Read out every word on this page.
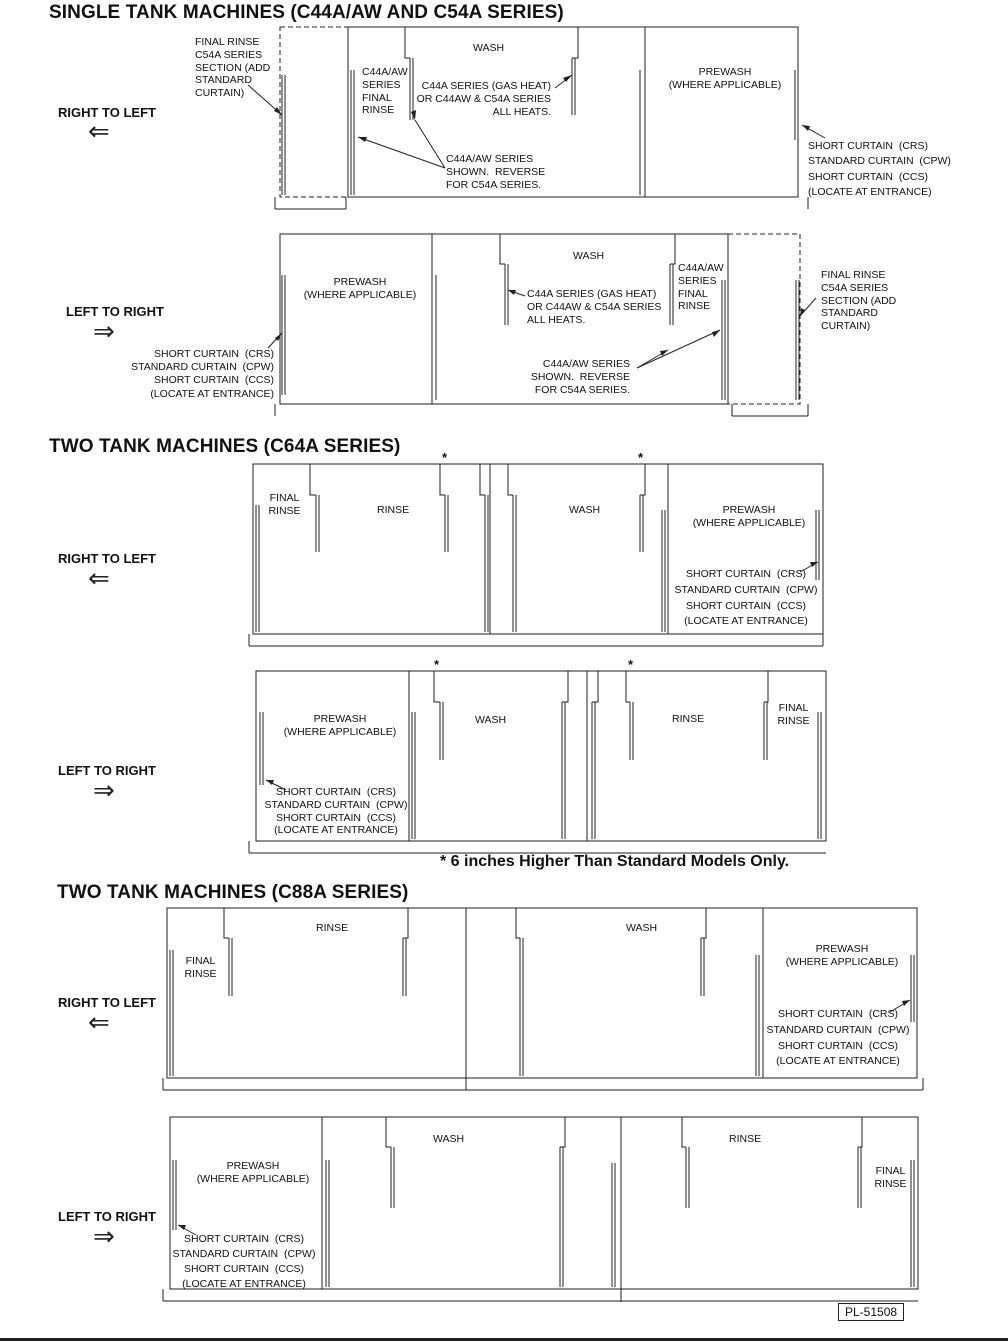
SINGLE TANK MACHINES (C44A/AW AND C54A SERIES)
TWO TANK MACHINES (C64A SERIES)
TWO TANK MACHINES (C88A SERIES)
RIGHT TO LEFT
⇐
FINAL RINSE
C54A SERIES
SECTION (ADD
STANDARD
CURTAIN)
C44A/AW
SERIES
FINAL
RINSE
WASH
C44A SERIES (GAS HEAT)
OR C44AW & C54A SERIES
ALL HEATS.
C44A/AW SERIES
SHOWN.  REVERSE
FOR C54A SERIES.
PREWASH
(WHERE APPLICABLE)
SHORT CURTAIN  (CRS)
STANDARD CURTAIN  (CPW)
SHORT CURTAIN  (CCS)
(LOCATE AT ENTRANCE)
LEFT TO RIGHT
⇒
PREWASH
(WHERE APPLICABLE)
WASH
C44A SERIES (GAS HEAT)
OR C44AW & C54A SERIES
ALL HEATS.
C44A/AW
SERIES
FINAL
RINSE
FINAL RINSE
C54A SERIES
SECTION (ADD
STANDARD
CURTAIN)
SHORT CURTAIN  (CRS)
STANDARD CURTAIN  (CPW)
SHORT CURTAIN  (CCS)
(LOCATE AT ENTRANCE)
C44A/AW SERIES
SHOWN.  REVERSE
FOR C54A SERIES.
*	*
RIGHT TO LEFT
⇐
FINAL
RINSE	RINSE	WASH	PREWASH
(WHERE APPLICABLE)
SHORT CURTAIN  (CRS)
STANDARD CURTAIN  (CPW)
SHORT CURTAIN  (CCS)
(LOCATE AT ENTRANCE)
*	*
LEFT TO RIGHT
⇒
PREWASH
(WHERE APPLICABLE)
WASH	RINSE
FINAL
RINSE
SHORT CURTAIN  (CRS)
STANDARD CURTAIN  (CPW)
SHORT CURTAIN  (CCS)
(LOCATE AT ENTRANCE)
* 6 inches Higher Than Standard Models Only.
RIGHT TO LEFT
⇐
FINAL
RINSE
RINSE	WASH
PREWASH
(WHERE APPLICABLE)
SHORT CURTAIN  (CRS)
STANDARD CURTAIN  (CPW)
SHORT CURTAIN  (CCS)
(LOCATE AT ENTRANCE)
LEFT TO RIGHT
⇒
PREWASH
(WHERE APPLICABLE)
WASH	RINSE
FINAL
RINSE
SHORT CURTAIN  (CRS)
STANDARD CURTAIN  (CPW)
SHORT CURTAIN  (CCS)
(LOCATE AT ENTRANCE)
PL-51508
